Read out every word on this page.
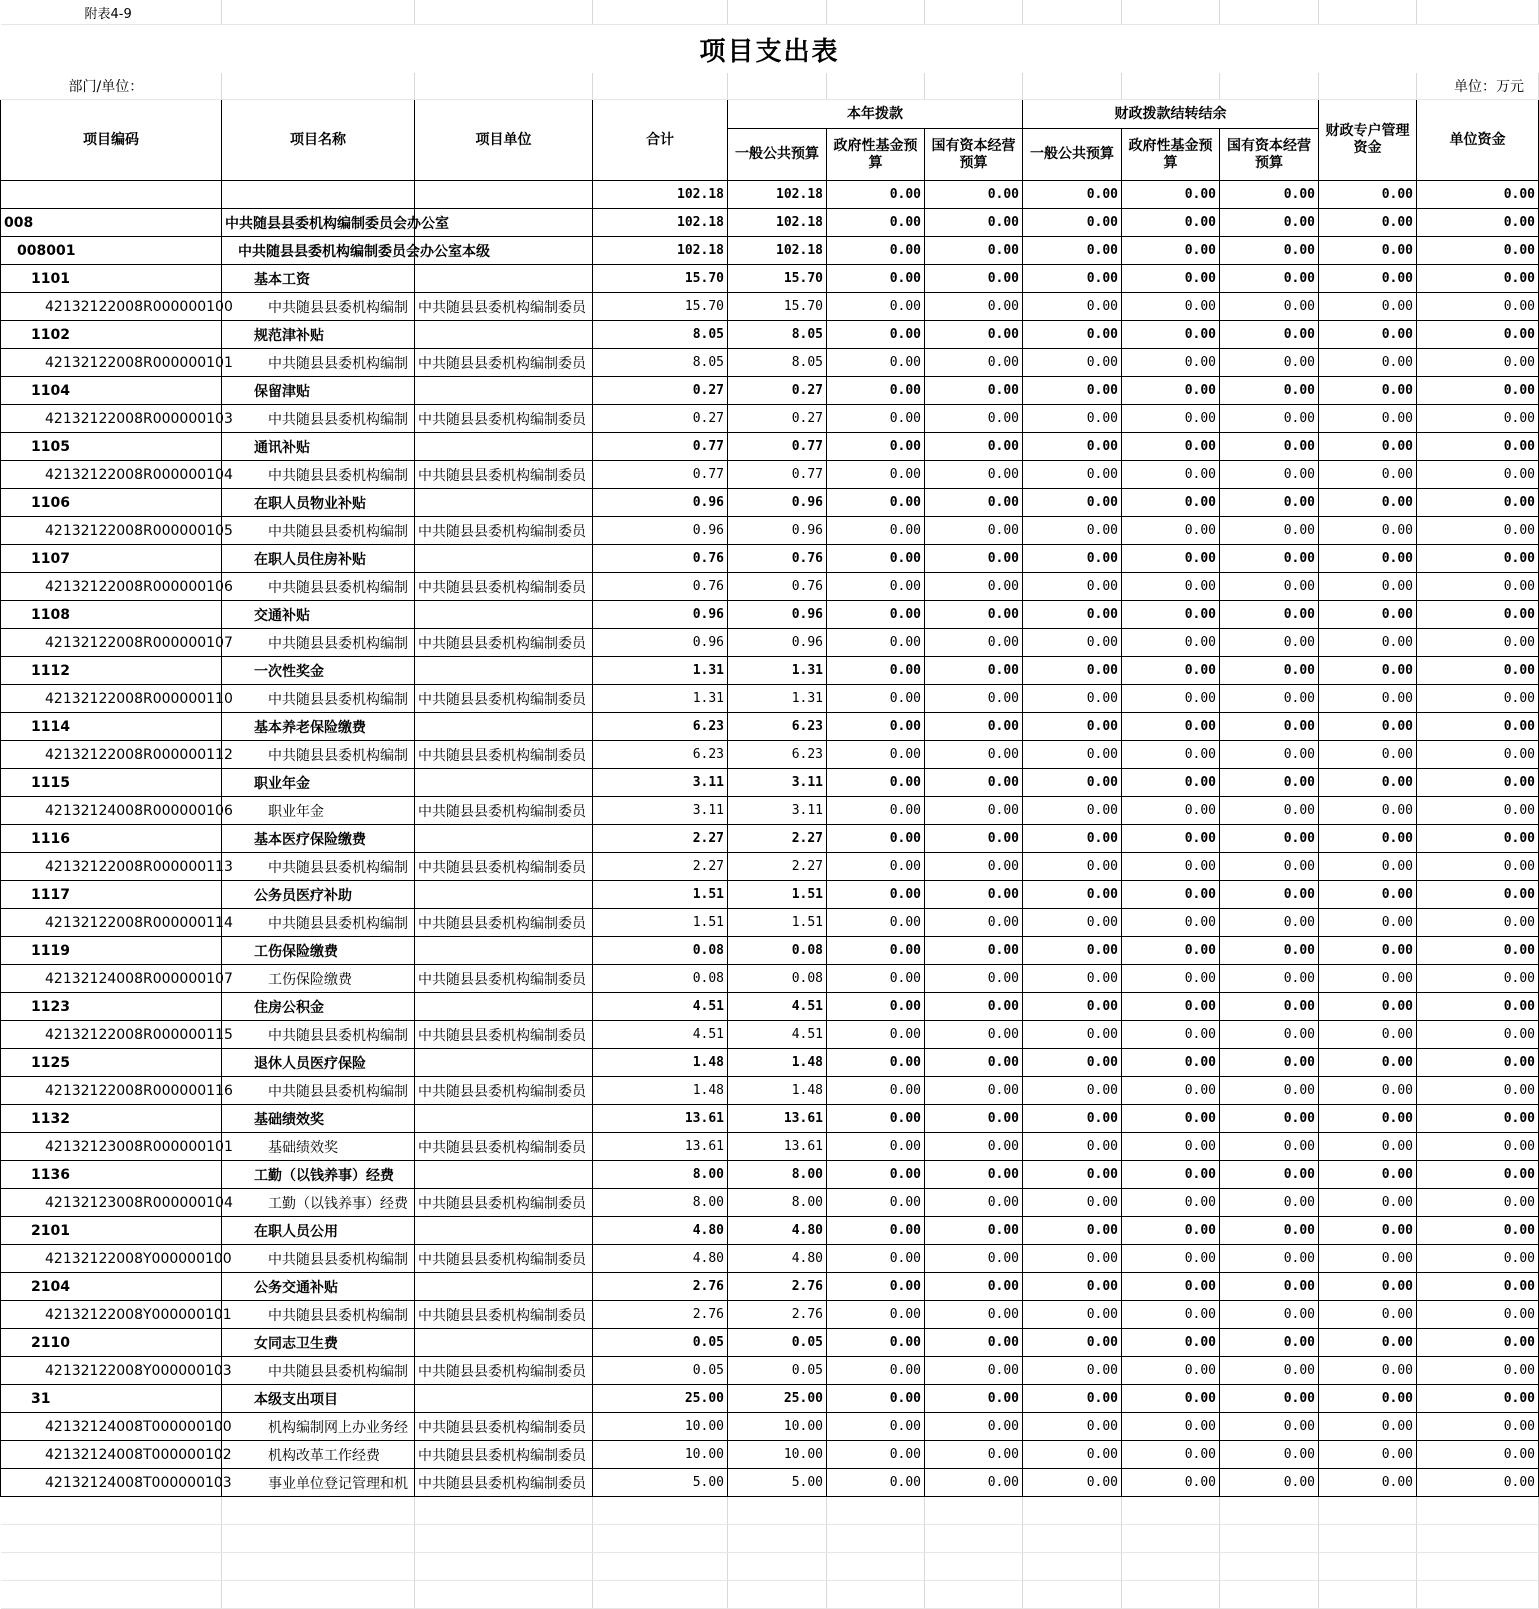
附表4-9											
项目支出表											
部门/单位：											单位：万元
项目编码	项目名称	项目单位	合计	本年拨款			财政拨款结转结余			财政专户管理资金	单位资金
				一般公共预算	政府性基金预算	国有资本经营预算	一般公共预算	政府性基金预算	国有资本经营预算		
			102.18	102.18	0.00	0.00	0.00	0.00	0.00	0.00	0.00
008	中共随县县委机构编制委员会办公室		102.18	102.18	0.00	0.00	0.00	0.00	0.00	0.00	0.00
008001	中共随县县委机构编制委员会办公室本级		102.18	102.18	0.00	0.00	0.00	0.00	0.00	0.00	0.00
1101	基本工资		15.70	15.70	0.00	0.00	0.00	0.00	0.00	0.00	0.00
42132122008R000000100	中共随县县委机构编制	中共随县县委机构编制委员	15.70	15.70	0.00	0.00	0.00	0.00	0.00	0.00	0.00
1102	规范津补贴		8.05	8.05	0.00	0.00	0.00	0.00	0.00	0.00	0.00
42132122008R000000101	中共随县县委机构编制	中共随县县委机构编制委员	8.05	8.05	0.00	0.00	0.00	0.00	0.00	0.00	0.00
1104	保留津贴		0.27	0.27	0.00	0.00	0.00	0.00	0.00	0.00	0.00
42132122008R000000103	中共随县县委机构编制	中共随县县委机构编制委员	0.27	0.27	0.00	0.00	0.00	0.00	0.00	0.00	0.00
1105	通讯补贴		0.77	0.77	0.00	0.00	0.00	0.00	0.00	0.00	0.00
42132122008R000000104	中共随县县委机构编制	中共随县县委机构编制委员	0.77	0.77	0.00	0.00	0.00	0.00	0.00	0.00	0.00
1106	在职人员物业补贴		0.96	0.96	0.00	0.00	0.00	0.00	0.00	0.00	0.00
42132122008R000000105	中共随县县委机构编制	中共随县县委机构编制委员	0.96	0.96	0.00	0.00	0.00	0.00	0.00	0.00	0.00
1107	在职人员住房补贴		0.76	0.76	0.00	0.00	0.00	0.00	0.00	0.00	0.00
42132122008R000000106	中共随县县委机构编制	中共随县县委机构编制委员	0.76	0.76	0.00	0.00	0.00	0.00	0.00	0.00	0.00
1108	交通补贴		0.96	0.96	0.00	0.00	0.00	0.00	0.00	0.00	0.00
42132122008R000000107	中共随县县委机构编制	中共随县县委机构编制委员	0.96	0.96	0.00	0.00	0.00	0.00	0.00	0.00	0.00
1112	一次性奖金		1.31	1.31	0.00	0.00	0.00	0.00	0.00	0.00	0.00
42132122008R000000110	中共随县县委机构编制	中共随县县委机构编制委员	1.31	1.31	0.00	0.00	0.00	0.00	0.00	0.00	0.00
1114	基本养老保险缴费		6.23	6.23	0.00	0.00	0.00	0.00	0.00	0.00	0.00
42132122008R000000112	中共随县县委机构编制	中共随县县委机构编制委员	6.23	6.23	0.00	0.00	0.00	0.00	0.00	0.00	0.00
1115	职业年金		3.11	3.11	0.00	0.00	0.00	0.00	0.00	0.00	0.00
42132124008R000000106	职业年金	中共随县县委机构编制委员	3.11	3.11	0.00	0.00	0.00	0.00	0.00	0.00	0.00
1116	基本医疗保险缴费		2.27	2.27	0.00	0.00	0.00	0.00	0.00	0.00	0.00
42132122008R000000113	中共随县县委机构编制	中共随县县委机构编制委员	2.27	2.27	0.00	0.00	0.00	0.00	0.00	0.00	0.00
1117	公务员医疗补助		1.51	1.51	0.00	0.00	0.00	0.00	0.00	0.00	0.00
42132122008R000000114	中共随县县委机构编制	中共随县县委机构编制委员	1.51	1.51	0.00	0.00	0.00	0.00	0.00	0.00	0.00
1119	工伤保险缴费		0.08	0.08	0.00	0.00	0.00	0.00	0.00	0.00	0.00
42132124008R000000107	工伤保险缴费	中共随县县委机构编制委员	0.08	0.08	0.00	0.00	0.00	0.00	0.00	0.00	0.00
1123	住房公积金		4.51	4.51	0.00	0.00	0.00	0.00	0.00	0.00	0.00
42132122008R000000115	中共随县县委机构编制	中共随县县委机构编制委员	4.51	4.51	0.00	0.00	0.00	0.00	0.00	0.00	0.00
1125	退休人员医疗保险		1.48	1.48	0.00	0.00	0.00	0.00	0.00	0.00	0.00
42132122008R000000116	中共随县县委机构编制	中共随县县委机构编制委员	1.48	1.48	0.00	0.00	0.00	0.00	0.00	0.00	0.00
1132	基础绩效奖		13.61	13.61	0.00	0.00	0.00	0.00	0.00	0.00	0.00
42132123008R000000101	基础绩效奖	中共随县县委机构编制委员	13.61	13.61	0.00	0.00	0.00	0.00	0.00	0.00	0.00
1136	工勤（以钱养事）经费		8.00	8.00	0.00	0.00	0.00	0.00	0.00	0.00	0.00
42132123008R000000104	工勤（以钱养事）经费	中共随县县委机构编制委员	8.00	8.00	0.00	0.00	0.00	0.00	0.00	0.00	0.00
2101	在职人员公用		4.80	4.80	0.00	0.00	0.00	0.00	0.00	0.00	0.00
42132122008Y000000100	中共随县县委机构编制	中共随县县委机构编制委员	4.80	4.80	0.00	0.00	0.00	0.00	0.00	0.00	0.00
2104	公务交通补贴		2.76	2.76	0.00	0.00	0.00	0.00	0.00	0.00	0.00
42132122008Y000000101	中共随县县委机构编制	中共随县县委机构编制委员	2.76	2.76	0.00	0.00	0.00	0.00	0.00	0.00	0.00
2110	女同志卫生费		0.05	0.05	0.00	0.00	0.00	0.00	0.00	0.00	0.00
42132122008Y000000103	中共随县县委机构编制	中共随县县委机构编制委员	0.05	0.05	0.00	0.00	0.00	0.00	0.00	0.00	0.00
31	本级支出项目		25.00	25.00	0.00	0.00	0.00	0.00	0.00	0.00	0.00
42132124008T000000100	机构编制网上办业务经	中共随县县委机构编制委员	10.00	10.00	0.00	0.00	0.00	0.00	0.00	0.00	0.00
42132124008T000000102	机构改革工作经费	中共随县县委机构编制委员	10.00	10.00	0.00	0.00	0.00	0.00	0.00	0.00	0.00
42132124008T000000103	事业单位登记管理和机	中共随县县委机构编制委员	5.00	5.00	0.00	0.00	0.00	0.00	0.00	0.00	0.00
